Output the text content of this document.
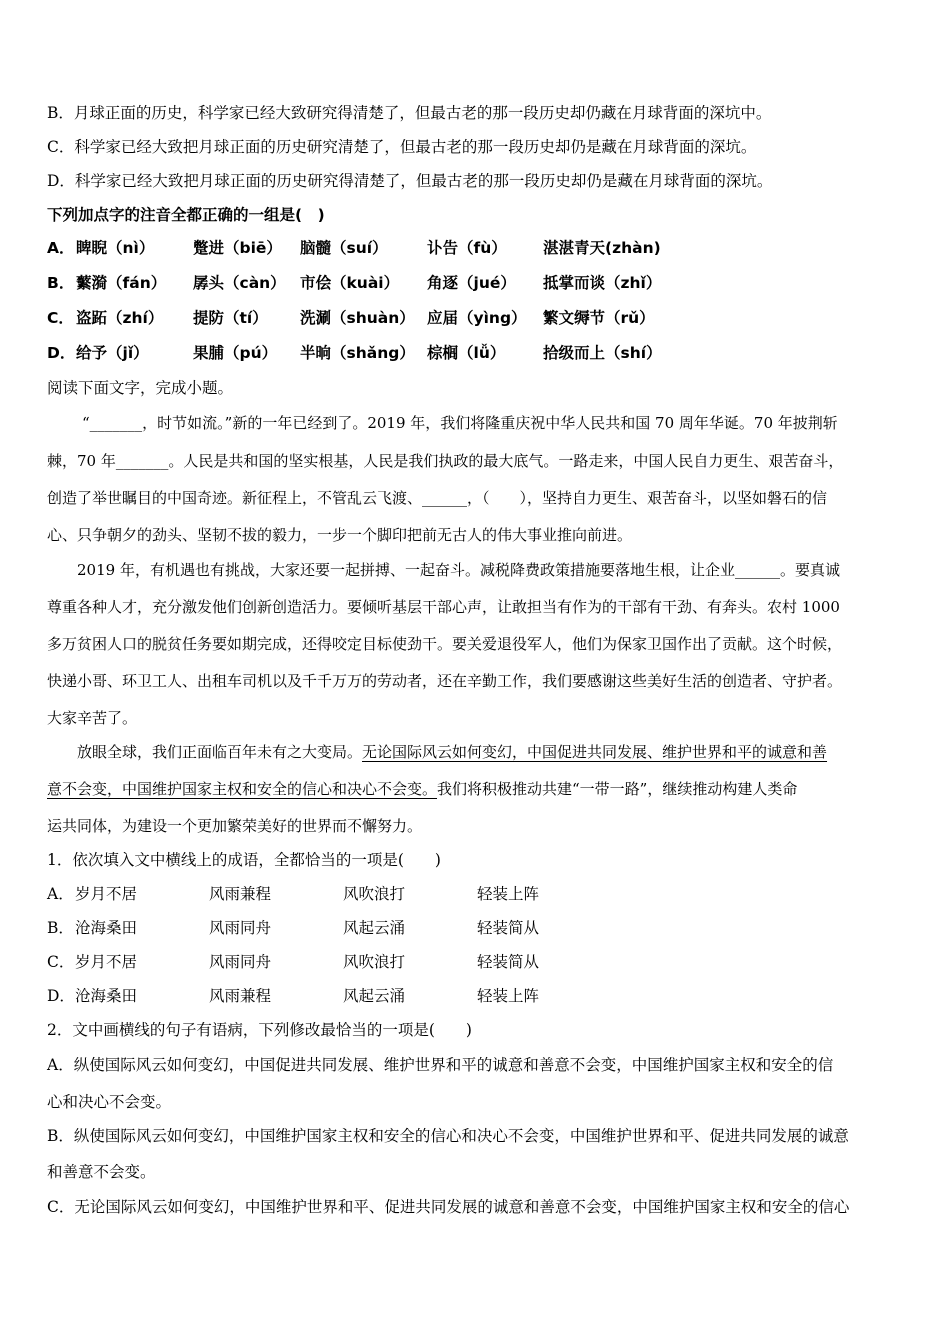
B．月球正面的历史，科学家已经大致研究得清楚了，但最古老的那一段历史却仍藏在月球背面的深坑中。
C．科学家已经大致把月球正面的历史研究清楚了，但最古老的那一段历史却仍是藏在月球背面的深坑。
D．科学家已经大致把月球正面的历史研究得清楚了，但最古老的那一段历史却仍是藏在月球背面的深坑。
下列加点字的注音全都正确的一组是(　)
A． 睥睨（nì） 蹩进（biē） 脑髓（suí）	讣告（fù） 湛湛青天(zhàn)
B． 蘩漪（fán） 孱头（càn） 市侩（kuài） 角逐（jué） 抵掌而谈（zhǐ）
C． 盗跖（zhí） 提防（tí） 洗涮（shuàn） 应届（yìng） 繁文缛节（rǔ）
D． 给予（jǐ）	果脯（pú） 半晌（shǎng） 棕榈（lǚ） 拾级而上（shí）
阅读下面文字，完成小题。
“_______，时节如流。”新的一年已经到了。2019 年，我们将隆重庆祝中华人民共和国 70 周年华诞。70 年披荆斩
棘，70 年_______。人民是共和国的坚实根基，人民是我们执政的最大底气。一路走来，中国人民自力更生、艰苦奋斗，
创造了举世瞩目的中国奇迹。新征程上，不管乱云飞渡、______，（　　），坚持自力更生、艰苦奋斗，以坚如磐石的信
心、只争朝夕的劲头、坚韧不拔的毅力，一步一个脚印把前无古人的伟大事业推向前进。
2019 年，有机遇也有挑战，大家还要一起拼搏、一起奋斗。减税降费政策措施要落地生根，让企业______。要真诚
尊重各种人才，充分激发他们创新创造活力。要倾听基层干部心声，让敢担当有作为的干部有干劲、有奔头。农村 1000
多万贫困人口的脱贫任务要如期完成，还得咬定目标使劲干。要关爱退役军人，他们为保家卫国作出了贡献。这个时候，
快递小哥、环卫工人、出租车司机以及千千万万的劳动者，还在辛勤工作，我们要感谢这些美好生活的创造者、守护者。
大家辛苦了。
放眼全球，我们正面临百年未有之大变局。无论国际风云如何变幻，中国促进共同发展、维护世界和平的诚意和善
意不会变，中国维护国家主权和安全的信心和决心不会变。我们将积极推动共建“一带一路”，继续推动构建人类命
运共同体，为建设一个更加繁荣美好的世界而不懈努力。
1．依次填入文中横线上的成语，全都恰当的一项是(　　)
A． 岁月不居	风雨兼程	风吹浪打	轻装上阵
B． 沧海桑田	风雨同舟	风起云涌	轻装简从
C． 岁月不居	风雨同舟	风吹浪打	轻装简从
D． 沧海桑田	风雨兼程	风起云涌	轻装上阵
2．文中画横线的句子有语病，下列修改最恰当的一项是(　　)
A．纵使国际风云如何变幻，中国促进共同发展、维护世界和平的诚意和善意不会变，中国维护国家主权和安全的信
心和决心不会变。
B．纵使国际风云如何变幻，中国维护国家主权和安全的信心和决心不会变，中国维护世界和平、促进共同发展的诚意
和善意不会变。
C．无论国际风云如何变幻，中国维护世界和平、促进共同发展的诚意和善意不会变，中国维护国家主权和安全的信心
